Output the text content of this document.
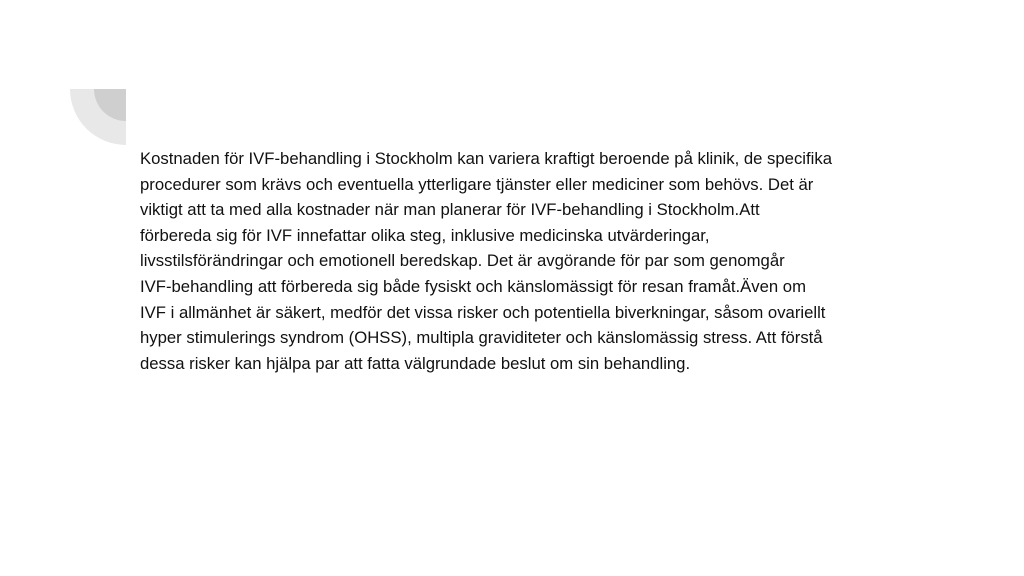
Kostnaden för IVF-behandling i Stockholm kan variera kraftigt beroende på klinik, de specifika
procedurer som krävs och eventuella ytterligare tjänster eller mediciner som behövs. Det är
viktigt att ta med alla kostnader när man planerar för IVF-behandling i Stockholm.Att
förbereda sig för IVF innefattar olika steg, inklusive medicinska utvärderingar,
livsstilsförändringar och emotionell beredskap. Det är avgörande för par som genomgår
IVF-behandling att förbereda sig både fysiskt och känslomässigt för resan framåt.Även om
IVF i allmänhet är säkert, medför det vissa risker och potentiella biverkningar, såsom ovariellt
hyper stimulerings syndrom (OHSS), multipla graviditeter och känslomässig stress. Att förstå
dessa risker kan hjälpa par att fatta välgrundade beslut om sin behandling.
